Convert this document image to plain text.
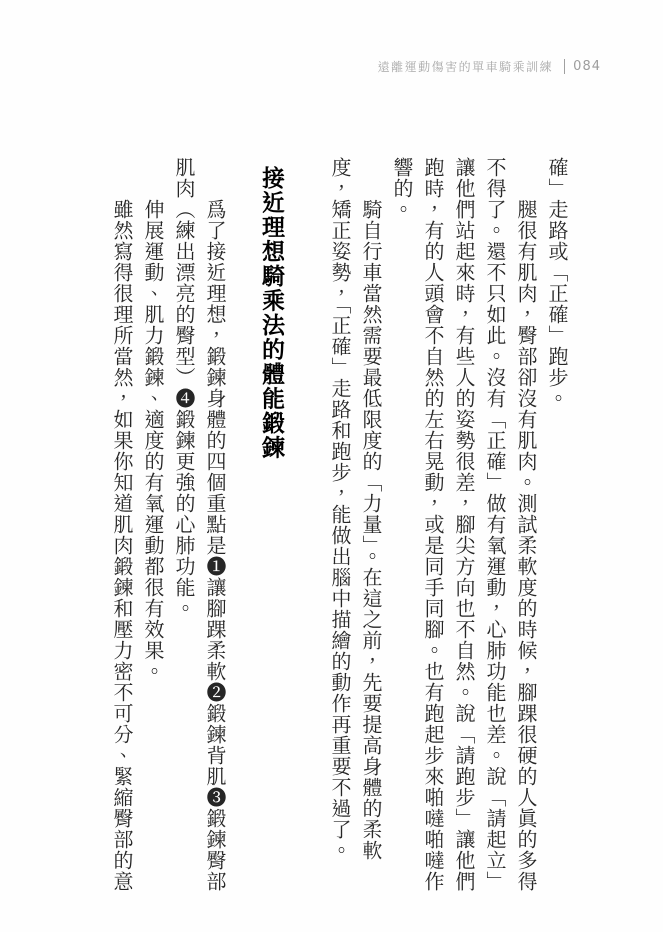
遠離運動傷害的單車騎乘訓練 084

確」走路或「正確」跑步。

腿很有肌肉，臀部卻沒有肌肉。測試柔軟度的時候，腳踝很硬的人眞的多得不得了。還不只如此。沒有「正確」做有氧運動，心肺功能也差。說「請起立」讓他們站起來時，有些人的姿勢很差，腳尖方向也不自然。說「請跑步」讓他們跑時，有的人頭會不自然的左右晃動，或是同手同腳。也有跑起步來啪噠啪噠作響的。

騎自行車當然需要最低限度的「力量」。在這之前，先要提高身體的柔軟度，矯正姿勢，「正確」走路和跑步，能做出腦中描繪的動作再重要不過了。

接近理想騎乘法的體能鍛鍊

爲了接近理想，鍛鍊身體的四個重點是❶讓腳踝柔軟❷鍛鍊背肌❸鍛鍊臀部肌肉（練出漂亮的臀型）❹鍛鍊更強的心肺功能。

伸展運動、肌力鍛鍊、適度的有氧運動都很有效果。

雖然寫得很理所當然，如果你知道肌肉鍛鍊和壓力密不可分、緊縮臀部的意
